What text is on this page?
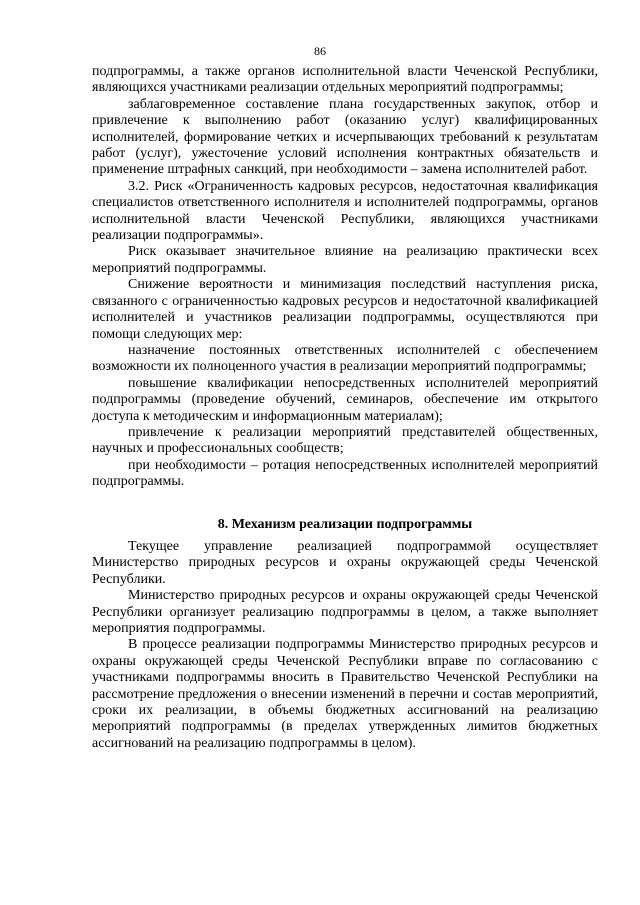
86

подпрограммы, а также органов исполнительной власти Чеченской Республики, являющихся участниками реализации отдельных мероприятий подпрограммы;

заблаговременное составление плана государственных закупок, отбор и привлечение к выполнению работ (оказанию услуг) квалифицированных исполнителей, формирование четких и исчерпывающих требований к результатам работ (услуг), ужесточение условий исполнения контрактных обязательств и применение штрафных санкций, при необходимости – замена исполнителей работ.

3.2. Риск «Ограниченность кадровых ресурсов, недостаточная квалификация специалистов ответственного исполнителя и исполнителей подпрограммы, органов исполнительной власти Чеченской Республики, являющихся участниками реализации подпрограммы».

Риск оказывает значительное влияние на реализацию практически всех мероприятий подпрограммы.

Снижение вероятности и минимизация последствий наступления риска, связанного с ограниченностью кадровых ресурсов и недостаточной квалификацией исполнителей и участников реализации подпрограммы, осуществляются при помощи следующих мер:

назначение постоянных ответственных исполнителей с обеспечением возможности их полноценного участия в реализации мероприятий подпрограммы;

повышение квалификации непосредственных исполнителей мероприятий подпрограммы (проведение обучений, семинаров, обеспечение им открытого доступа к методическим и информационным материалам);

привлечение к реализации мероприятий представителей общественных, научных и профессиональных сообществ;

при необходимости – ротация непосредственных исполнителей мероприятий подпрограммы.

8. Механизм реализации подпрограммы

Текущее управление реализацией подпрограммой осуществляет Министерство природных ресурсов и охраны окружающей среды Чеченской Республики.

Министерство природных ресурсов и охраны окружающей среды Чеченской Республики организует реализацию подпрограммы в целом, а также выполняет мероприятия подпрограммы.

В процессе реализации подпрограммы Министерство природных ресурсов и охраны окружающей среды Чеченской Республики вправе по согласованию с участниками подпрограммы вносить в Правительство Чеченской Республики на рассмотрение предложения о внесении изменений в перечни и состав мероприятий, сроки их реализации, в объемы бюджетных ассигнований на реализацию мероприятий подпрограммы (в пределах утвержденных лимитов бюджетных ассигнований на реализацию подпрограммы в целом).
